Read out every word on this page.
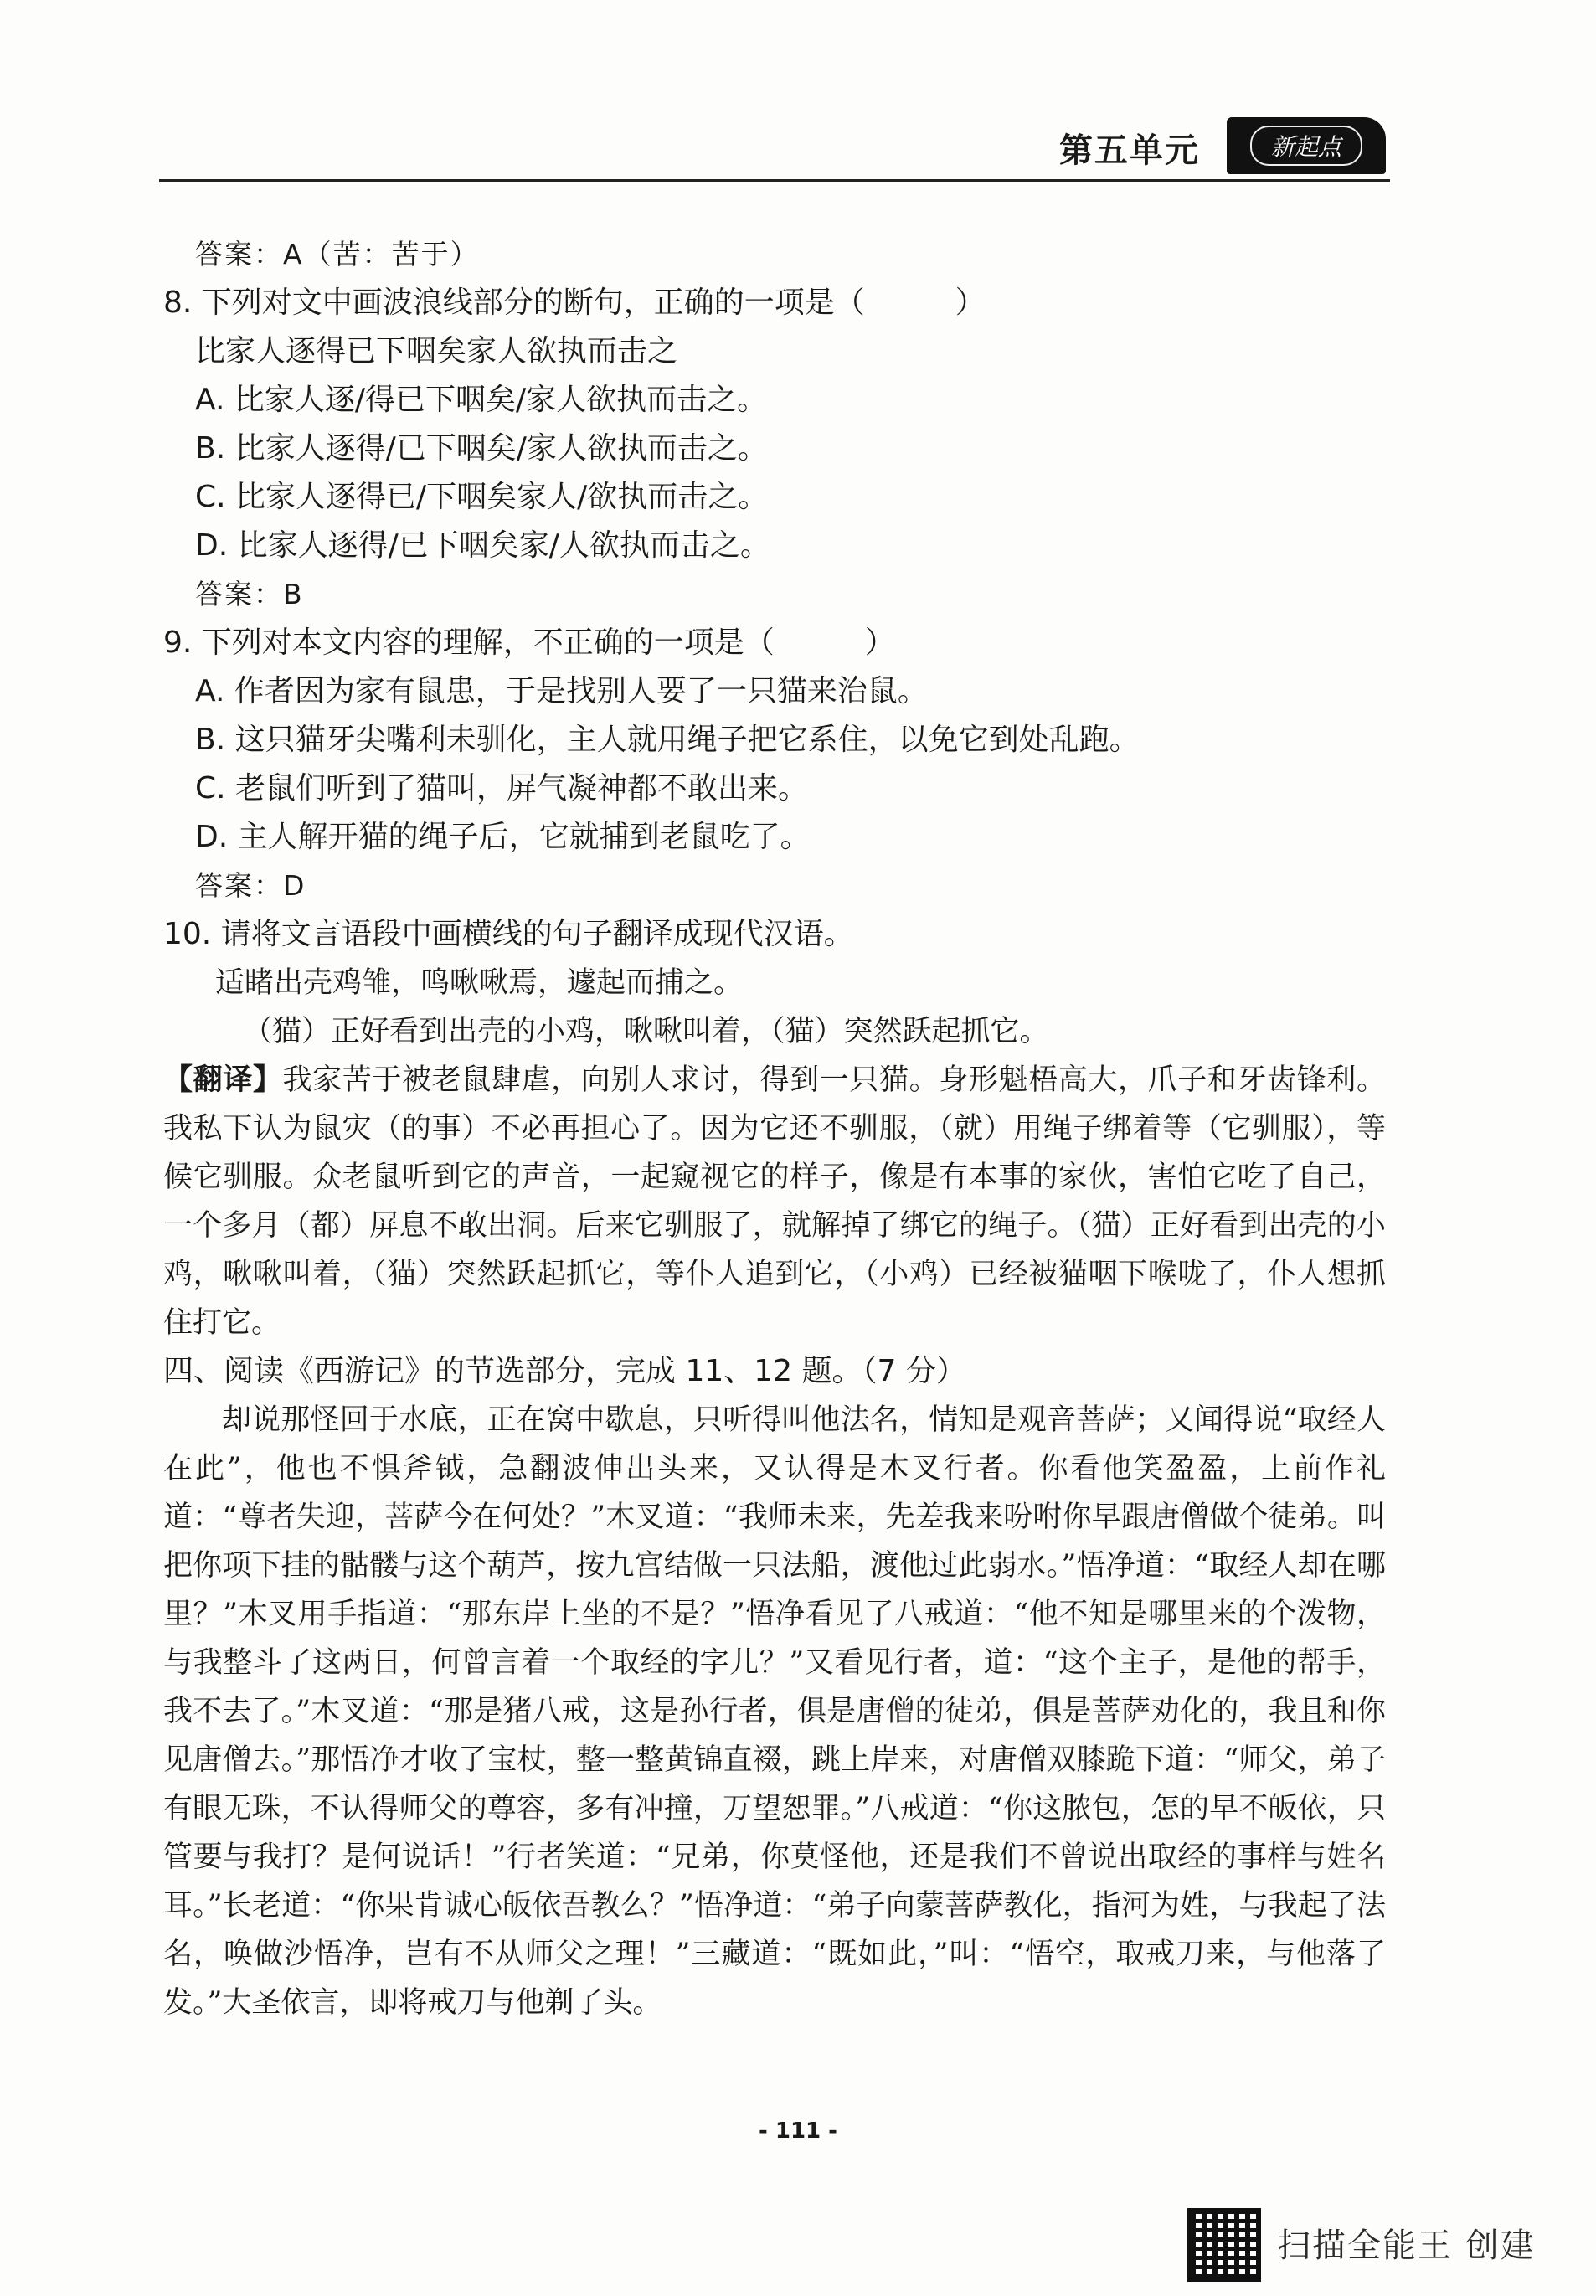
第五单元	新起点
答案：A（苦：苦于）
8. 下列对文中画波浪线部分的断句，正确的一项是（　　　）
比家人逐得已下咽矣家人欲执而击之
A. 比家人逐/得已下咽矣/家人欲执而击之。
B. 比家人逐得/已下咽矣/家人欲执而击之。
C. 比家人逐得已/下咽矣家人/欲执而击之。
D. 比家人逐得/已下咽矣家/人欲执而击之。
答案：B
9. 下列对本文内容的理解，不正确的一项是（　　　）
A. 作者因为家有鼠患，于是找别人要了一只猫来治鼠。
B. 这只猫牙尖嘴利未驯化，主人就用绳子把它系住，以免它到处乱跑。
C. 老鼠们听到了猫叫，屏气凝神都不敢出来。
D. 主人解开猫的绳子后，它就捕到老鼠吃了。
答案：D
10. 请将文言语段中画横线的句子翻译成现代汉语。
适睹出壳鸡雏，鸣啾啾焉，遽起而捕之。
（猫）正好看到出壳的小鸡，啾啾叫着，（猫）突然跃起抓它。

【翻译】我家苦于被老鼠肆虐，向别人求讨，得到一只猫。身形魁梧高大，爪子和牙齿锋利。我私下认为鼠灾（的事）不必再担心了。因为它还不驯服，（就）用绳子绑着等（它驯服），等候它驯服。众老鼠听到它的声音，一起窥视它的样子，像是有本事的家伙，害怕它吃了自己，一个多月（都）屏息不敢出洞。后来它驯服了，就解掉了绑它的绳子。（猫）正好看到出壳的小鸡，啾啾叫着，（猫）突然跃起抓它，等仆人追到它，（小鸡）已经被猫咽下喉咙了，仆人想抓住打它。

四、阅读《西游记》的节选部分，完成 11、12 题。（7 分）

却说那怪回于水底，正在窝中歇息，只听得叫他法名，情知是观音菩萨；又闻得说“取经人在此”，他也不惧斧钺，急翻波伸出头来，又认得是木叉行者。你看他笑盈盈，上前作礼道：“尊者失迎，菩萨今在何处？”木叉道：“我师未来，先差我来吩咐你早跟唐僧做个徒弟。叫把你项下挂的骷髅与这个葫芦，按九宫结做一只法船，渡他过此弱水。”悟净道：“取经人却在哪里？”木叉用手指道：“那东岸上坐的不是？”悟净看见了八戒道：“他不知是哪里来的个泼物，与我整斗了这两日，何曾言着一个取经的字儿？”又看见行者，道：“这个主子，是他的帮手，我不去了。”木叉道：“那是猪八戒，这是孙行者，俱是唐僧的徒弟，俱是菩萨劝化的，我且和你见唐僧去。”那悟净才收了宝杖，整一整黄锦直裰，跳上岸来，对唐僧双膝跪下道：“师父，弟子有眼无珠，不认得师父的尊容，多有冲撞，万望恕罪。”八戒道：“你这脓包，怎的早不皈依，只管要与我打？是何说话！”行者笑道：“兄弟，你莫怪他，还是我们不曾说出取经的事样与姓名耳。”长老道：“你果肯诚心皈依吾教么？”悟净道：“弟子向蒙菩萨教化，指河为姓，与我起了法名，唤做沙悟净，岂有不从师父之理！”三藏道：“既如此，”叫：“悟空，取戒刀来，与他落了发。”大圣依言，即将戒刀与他剃了头。

- 111 -
扫描全能王 创建
